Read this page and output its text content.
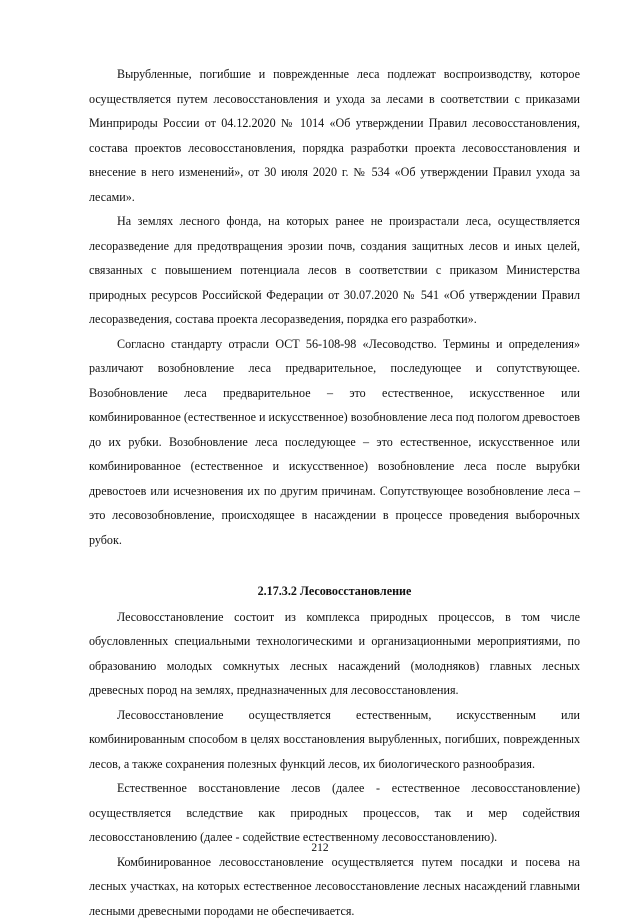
Вырубленные, погибшие и поврежденные леса подлежат воспроизводству, которое осуществляется путем лесовосстановления и ухода за лесами в соответствии с приказами Минприроды России от 04.12.2020 № 1014 «Об утверждении Правил лесовосстановления, состава проектов лесовосстановления, порядка разработки проекта лесовосстановления и внесение в него изменений», от 30 июля 2020 г. № 534 «Об утверждении Правил ухода за лесами».

На землях лесного фонда, на которых ранее не произрастали леса, осуществляется лесоразведение для предотвращения эрозии почв, создания защитных лесов и иных целей, связанных с повышением потенциала лесов в соответствии с приказом Министерства природных ресурсов Российской Федерации от 30.07.2020 № 541 «Об утверждении Правил лесоразведения, состава проекта лесоразведения, порядка его разработки».

Согласно стандарту отрасли ОСТ 56-108-98 «Лесоводство. Термины и определения» различают возобновление леса предварительное, последующее и сопутствующее. Возобновление леса предварительное – это естественное, искусственное или комбинированное (естественное и искусственное) возобновление леса под пологом древостоев до их рубки. Возобновление леса последующее – это естественное, искусственное или комбинированное (естественное и искусственное) возобновление леса после вырубки древостоев или исчезновения их по другим причинам. Сопутствующее возобновление леса – это лесовозобновление, происходящее в насаждении в процессе проведения выборочных рубок.

2.17.3.2 Лесовосстановление

Лесовосстановление состоит из комплекса природных процессов, в том числе обусловленных специальными технологическими и организационными мероприятиями, по образованию молодых сомкнутых лесных насаждений (молодняков) главных лесных древесных пород на землях, предназначенных для лесовосстановления.

Лесовосстановление осуществляется естественным, искусственным или комбинированным способом в целях восстановления вырубленных, погибших, поврежденных лесов, а также сохранения полезных функций лесов, их биологического разнообразия.

Естественное восстановление лесов (далее - естественное лесовосстановление) осуществляется вследствие как природных процессов, так и мер содействия лесовосстановлению (далее - содействие естественному лесовосстановлению).

Комбинированное лесовосстановление осуществляется путем посадки и посева на лесных участках, на которых естественное лесовосстановление лесных насаждений главными лесными древесными породами не обеспечивается.

212
